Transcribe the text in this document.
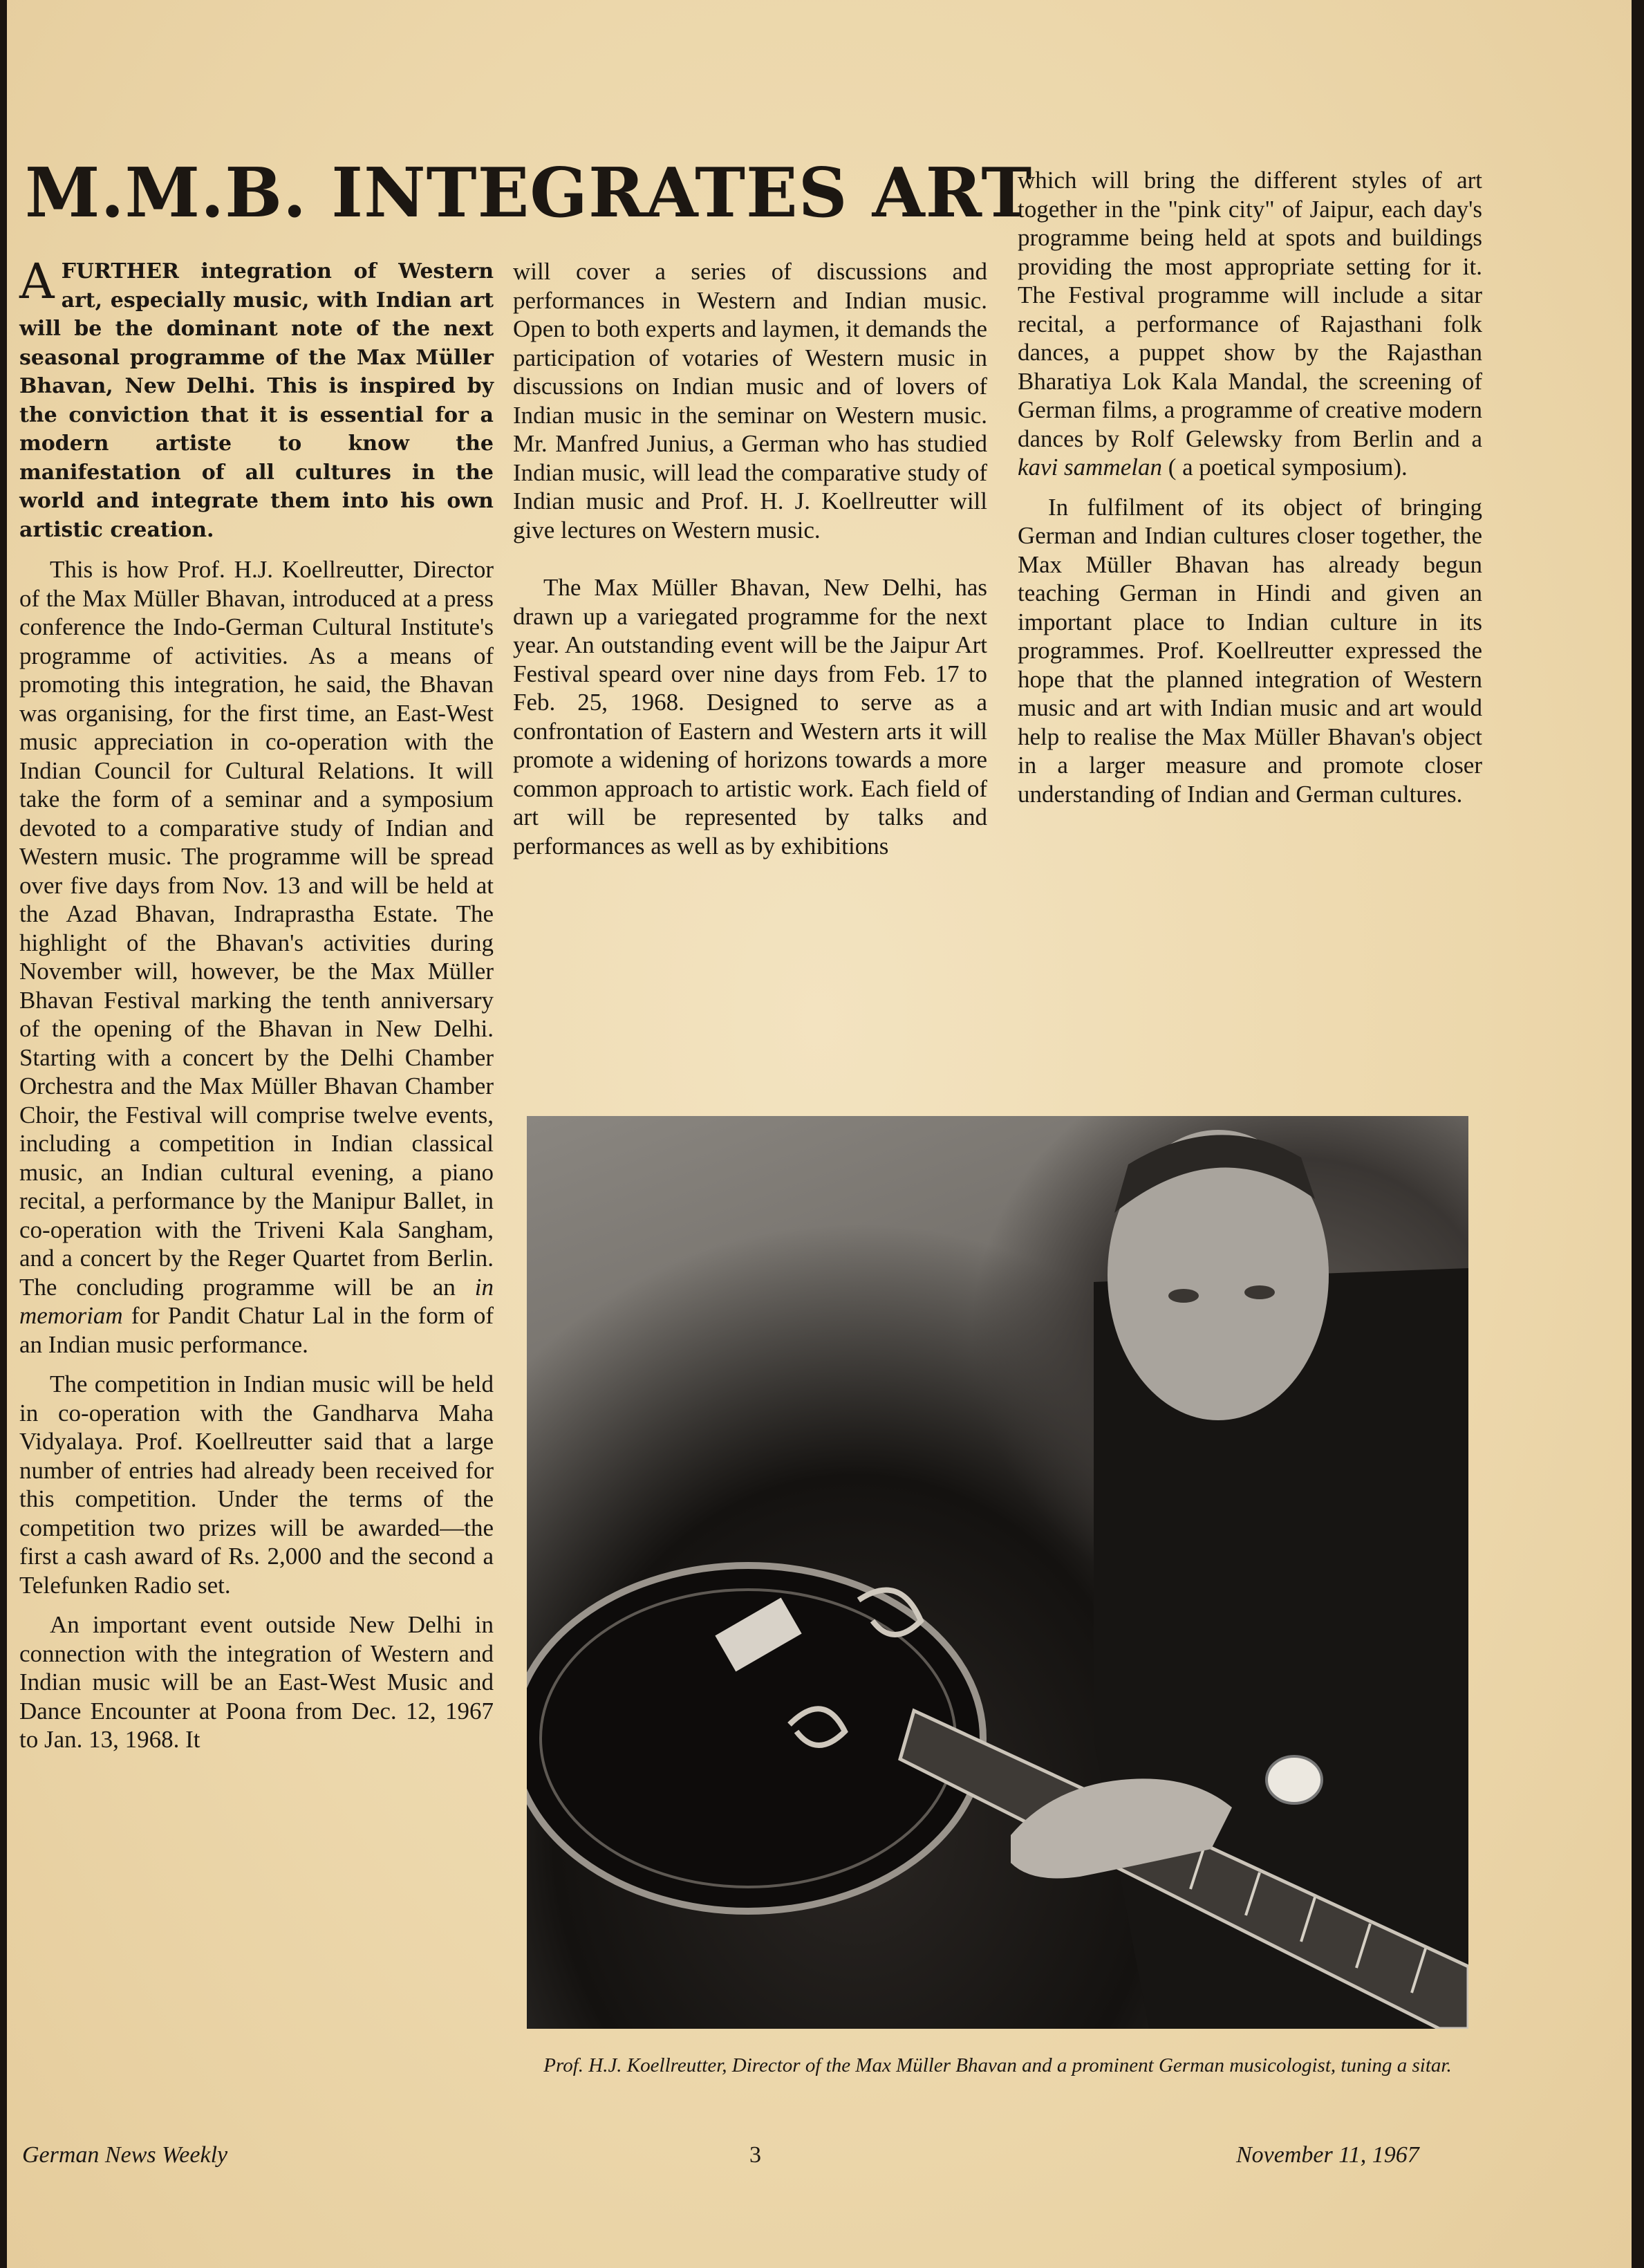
M.M.B. INTEGRATES ART

AFURTHER integration of Western art, especially music, with Indian art will be the dominant note of the next seasonal programme of the Max Müller Bhavan, New Delhi. This is inspired by the conviction that it is essential for a modern artiste to know the manifestation of all cultures in the world and integrate them into his own artistic creation.

This is how Prof. H.J. Koellreutter, Director of the Max Müller Bhavan, introduced at a press conference the Indo-German Cultural Institute's programme of activities. As a means of promoting this integration, he said, the Bhavan was organising, for the first time, an East-West music appreciation in co-operation with the Indian Council for Cultural Relations. It will take the form of a seminar and a symposium devoted to a comparative study of Indian and Western music. The programme will be spread over five days from Nov. 13 and will be held at the Azad Bhavan, Indraprastha Estate. The highlight of the Bhavan's activities during November will, however, be the Max Müller Bhavan Festival marking the tenth anniversary of the opening of the Bhavan in New Delhi. Starting with a concert by the Delhi Chamber Orchestra and the Max Müller Bhavan Chamber Choir, the Festival will comprise twelve events, including a competition in Indian classical music, an Indian cultural evening, a piano recital, a performance by the Manipur Ballet, in co-operation with the Triveni Kala Sangham, and a concert by the Reger Quartet from Berlin. The concluding programme will be an in memoriam for Pandit Chatur Lal in the form of an Indian music performance.

The competition in Indian music will be held in co-operation with the Gandharva Maha Vidyalaya. Prof. Koellreutter said that a large number of entries had already been received for this competition. Under the terms of the competition two prizes will be awarded—the first a cash award of Rs. 2,000 and the second a Telefunken Radio set.

An important event outside New Delhi in connection with the integration of Western and Indian music will be an East-West Music and Dance Encounter at Poona from Dec. 12, 1967 to Jan. 13, 1968. It

will cover a series of discussions and performances in Western and Indian music. Open to both experts and laymen, it demands the participation of votaries of Western music in discussions on Indian music and of lovers of Indian music in the seminar on Western music. Mr. Manfred Junius, a German who has studied Indian music, will lead the comparative study of Indian music and Prof. H. J. Koellreutter will give lectures on Western music.

The Max Müller Bhavan, New Delhi, has drawn up a variegated programme for the next year. An outstanding event will be the Jaipur Art Festival speard over nine days from Feb. 17 to Feb. 25, 1968. Designed to serve as a confrontation of Eastern and Western arts it will promote a widening of horizons towards a more common approach to artistic work. Each field of art will be represented by talks and performances as well as by exhibitions

which will bring the different styles of art together in the "pink city" of Jaipur, each day's programme being held at spots and buildings providing the most appropriate setting for it. The Festival programme will include a sitar recital, a performance of Rajasthani folk dances, a puppet show by the Rajasthan Bharatiya Lok Kala Mandal, the screening of German films, a programme of creative modern dances by Rolf Gelewsky from Berlin and a kavi sammelan ( a poetical symposium).

In fulfilment of its object of bringing German and Indian cultures closer together, the Max Müller Bhavan has already begun teaching German in Hindi and given an important place to Indian culture in its programmes. Prof. Koellreutter expressed the hope that the planned integration of Western music and art with Indian music and art would help to realise the Max Müller Bhavan's object in a larger measure and promote closer understanding of Indian and German cultures.

Prof. H.J. Koellreutter, Director of the Max Müller Bhavan and a prominent German musicologist, tuning a sitar.
German News Weekly	3	November 11, 1967
